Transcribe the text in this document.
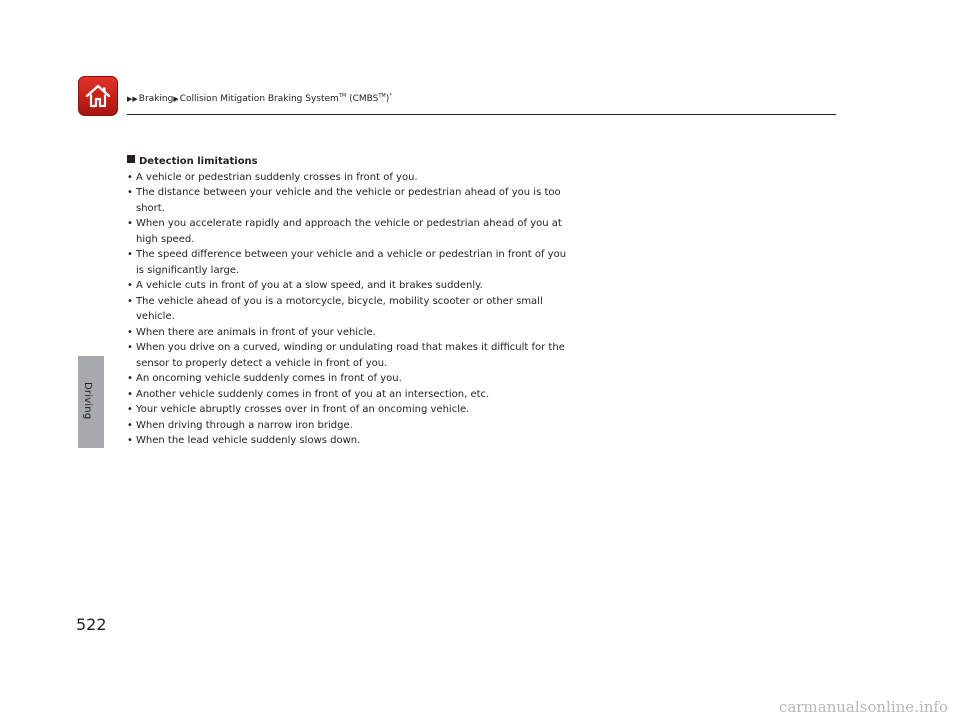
▶▶ Braking ▶ Collision Mitigation Braking System™ (CMBS™)*
Driving
Detection limitations
• A vehicle or pedestrian suddenly crosses in front of you.
• The distance between your vehicle and the vehicle or pedestrian ahead of you is too short.
• When you accelerate rapidly and approach the vehicle or pedestrian ahead of you at high speed.
• The speed difference between your vehicle and a vehicle or pedestrian in front of you is significantly large.
• A vehicle cuts in front of you at a slow speed, and it brakes suddenly.
• The vehicle ahead of you is a motorcycle, bicycle, mobility scooter or other small vehicle.
• When there are animals in front of your vehicle.
• When you drive on a curved, winding or undulating road that makes it difficult for the sensor to properly detect a vehicle in front of you.
• An oncoming vehicle suddenly comes in front of you.
• Another vehicle suddenly comes in front of you at an intersection, etc.
• Your vehicle abruptly crosses over in front of an oncoming vehicle.
• When driving through a narrow iron bridge.
• When the lead vehicle suddenly slows down.
522
carmanualsonline.info
